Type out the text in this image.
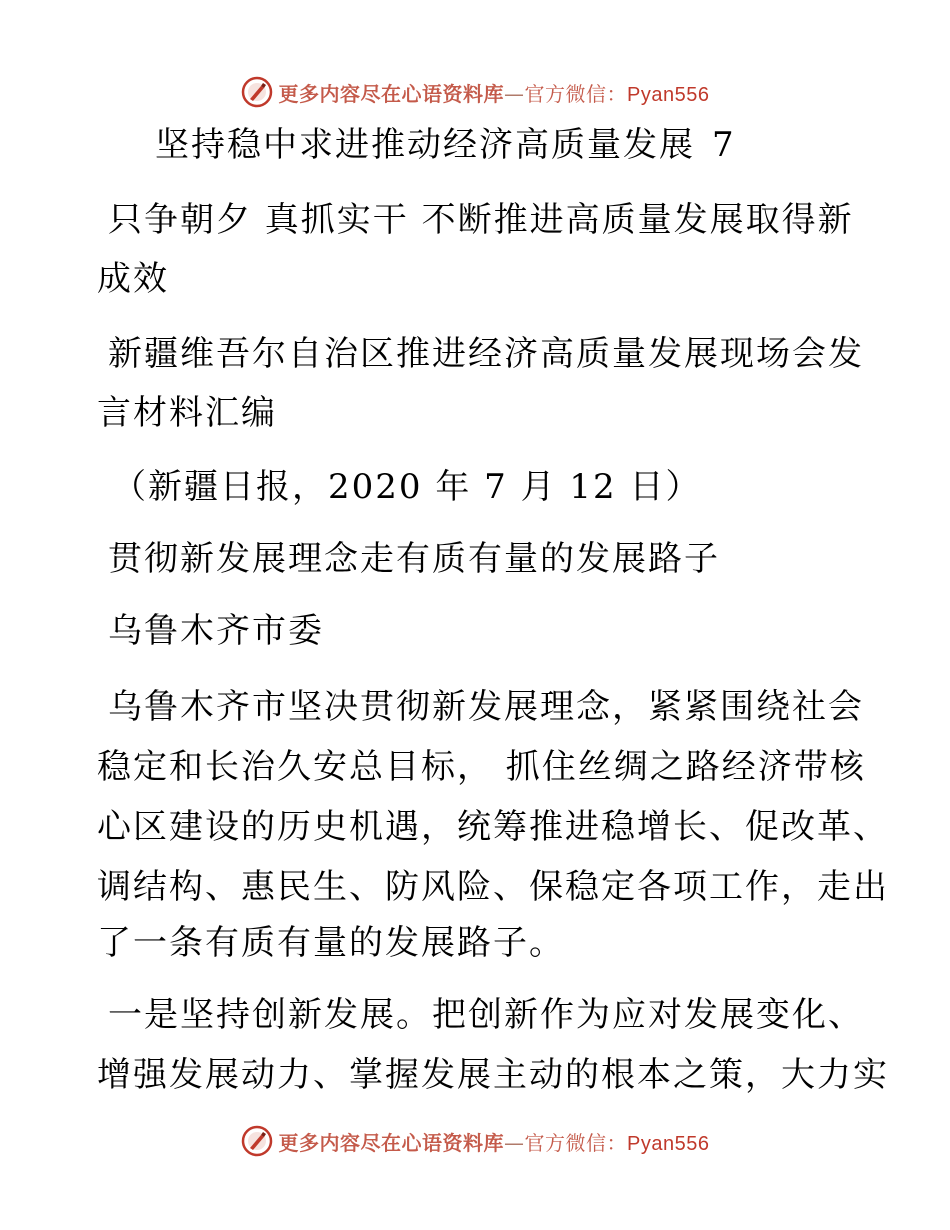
更多内容尽在心语资料库—官方微信：Pyan556
坚持稳中求进推动经济高质量发展 7
只争朝夕 真抓实干 不断推进高质量发展取得新
成效
新疆维吾尔自治区推进经济高质量发展现场会发
言材料汇编
（新疆日报，2020 年 7 月 12 日）
贯彻新发展理念走有质有量的发展路子
乌鲁木齐市委
乌鲁木齐市坚决贯彻新发展理念，紧紧围绕社会
稳定和长治久安总目标， 抓住丝绸之路经济带核
心区建设的历史机遇，统筹推进稳增长、促改革、
调结构、惠民生、防风险、保稳定各项工作，走出
了一条有质有量的发展路子。
一是坚持创新发展。把创新作为应对发展变化、
增强发展动力、掌握发展主动的根本之策，大力实
更多内容尽在心语资料库—官方微信：Pyan556
